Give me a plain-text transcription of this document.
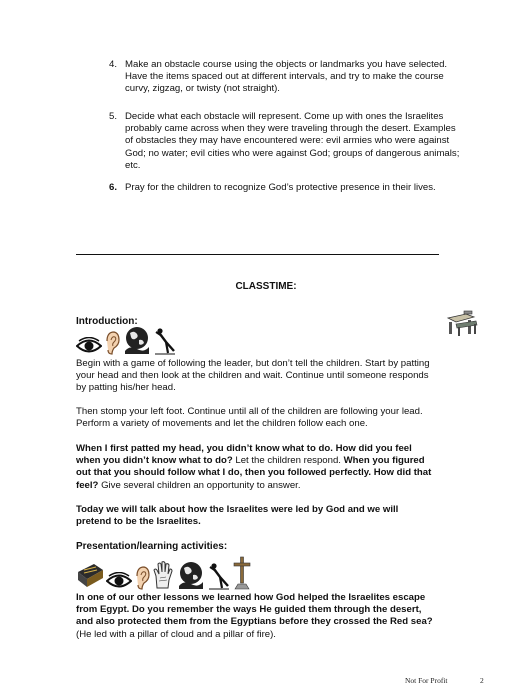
4. Make an obstacle course using the objects or landmarks you have selected. Have the items spaced out at different intervals, and try to make the course curvy, zigzag, or twisty (not straight).
5. Decide what each obstacle will represent. Come up with ones the Israelites probably came across when they were traveling through the desert. Examples of obstacles they may have encountered were: evil armies who were against God; no water; evil cities who were against God; groups of dangerous animals; etc.
6. Pray for the children to recognize God’s protective presence in their lives.
CLASSTIME:
Introduction:
Begin with a game of following the leader, but don’t tell the children. Start by patting your head and then look at the children and wait. Continue until someone responds by patting his/her head.
Then stomp your left foot. Continue until all of the children are following your lead. Perform a variety of movements and let the children follow each one.
When I first patted my head, you didn’t know what to do. How did you feel when you didn’t know what to do? Let the children respond. When you figured out that you should follow what I do, then you followed perfectly. How did that feel? Give several children an opportunity to answer.
Today we will talk about how the Israelites were led by God and we will pretend to be the Israelites.
Presentation/learning activities:
In one of our other lessons we learned how God helped the Israelites escape from Egypt. Do you remember the ways He guided them through the desert, and also protected them from the Egyptians before they crossed the Red sea? (He led with a pillar of cloud and a pillar of fire).
Not For Profit	2
